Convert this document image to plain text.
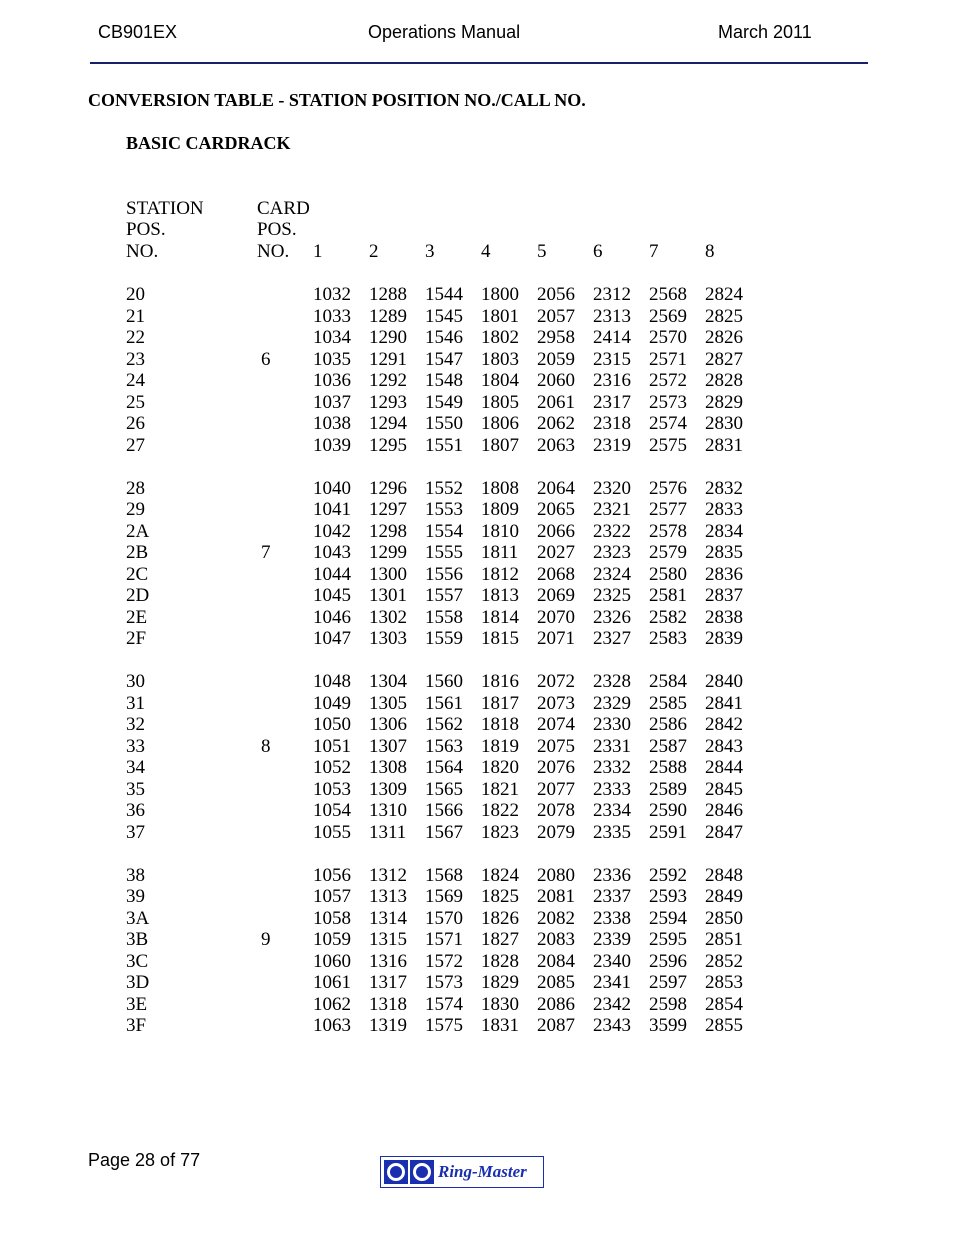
CB901EX	Operations Manual	March 2011
CONVERSION TABLE - STATION POSITION NO./CALL NO.
BASIC CARDRACK
STATION
POS.
NO.
CARD
POS.
NO. 1 2 3 4 5 6 7 8
20	1032 1288 1544 1800 2056 2312 2568 2824
21	1033 1289 1545 1801 2057 2313 2569 2825
22	1034 1290 1546 1802 2958 2414 2570 2826
23	6 1035 1291 1547 1803 2059 2315 2571 2827
24	1036 1292 1548 1804 2060 2316 2572 2828
25	1037 1293 1549 1805 2061 2317 2573 2829
26	1038 1294 1550 1806 2062 2318 2574 2830
27	1039 1295 1551 1807 2063 2319 2575 2831
28	1040 1296 1552 1808 2064 2320 2576 2832
29	1041 1297 1553 1809 2065 2321 2577 2833
2A	1042 1298 1554 1810 2066 2322 2578 2834
2B	7 1043 1299 1555 1811 2027 2323 2579 2835
2C	1044 1300 1556 1812 2068 2324 2580 2836
2D	1045 1301 1557 1813 2069 2325 2581 2837
2E	1046 1302 1558 1814 2070 2326 2582 2838
2F	1047 1303 1559 1815 2071 2327 2583 2839
30	1048 1304 1560 1816 2072 2328 2584 2840
31	1049 1305 1561 1817 2073 2329 2585 2841
32	1050 1306 1562 1818 2074 2330 2586 2842
33	8 1051 1307 1563 1819 2075 2331 2587 2843
34	1052 1308 1564 1820 2076 2332 2588 2844
35	1053 1309 1565 1821 2077 2333 2589 2845
36	1054 1310 1566 1822 2078 2334 2590 2846
37	1055 1311 1567 1823 2079 2335 2591 2847
38	1056 1312 1568 1824 2080 2336 2592 2848
39	1057 1313 1569 1825 2081 2337 2593 2849
3A	1058 1314 1570 1826 2082 2338 2594 2850
3B	9 1059 1315 1571 1827 2083 2339 2595 2851
3C	1060 1316 1572 1828 2084 2340 2596 2852
3D	1061 1317 1573 1829 2085 2341 2597 2853
3E	1062 1318 1574 1830 2086 2342 2598 2854
3F	1063 1319 1575 1831 2087 2343 3599 2855
Page 28 of 77
Ring-Master
